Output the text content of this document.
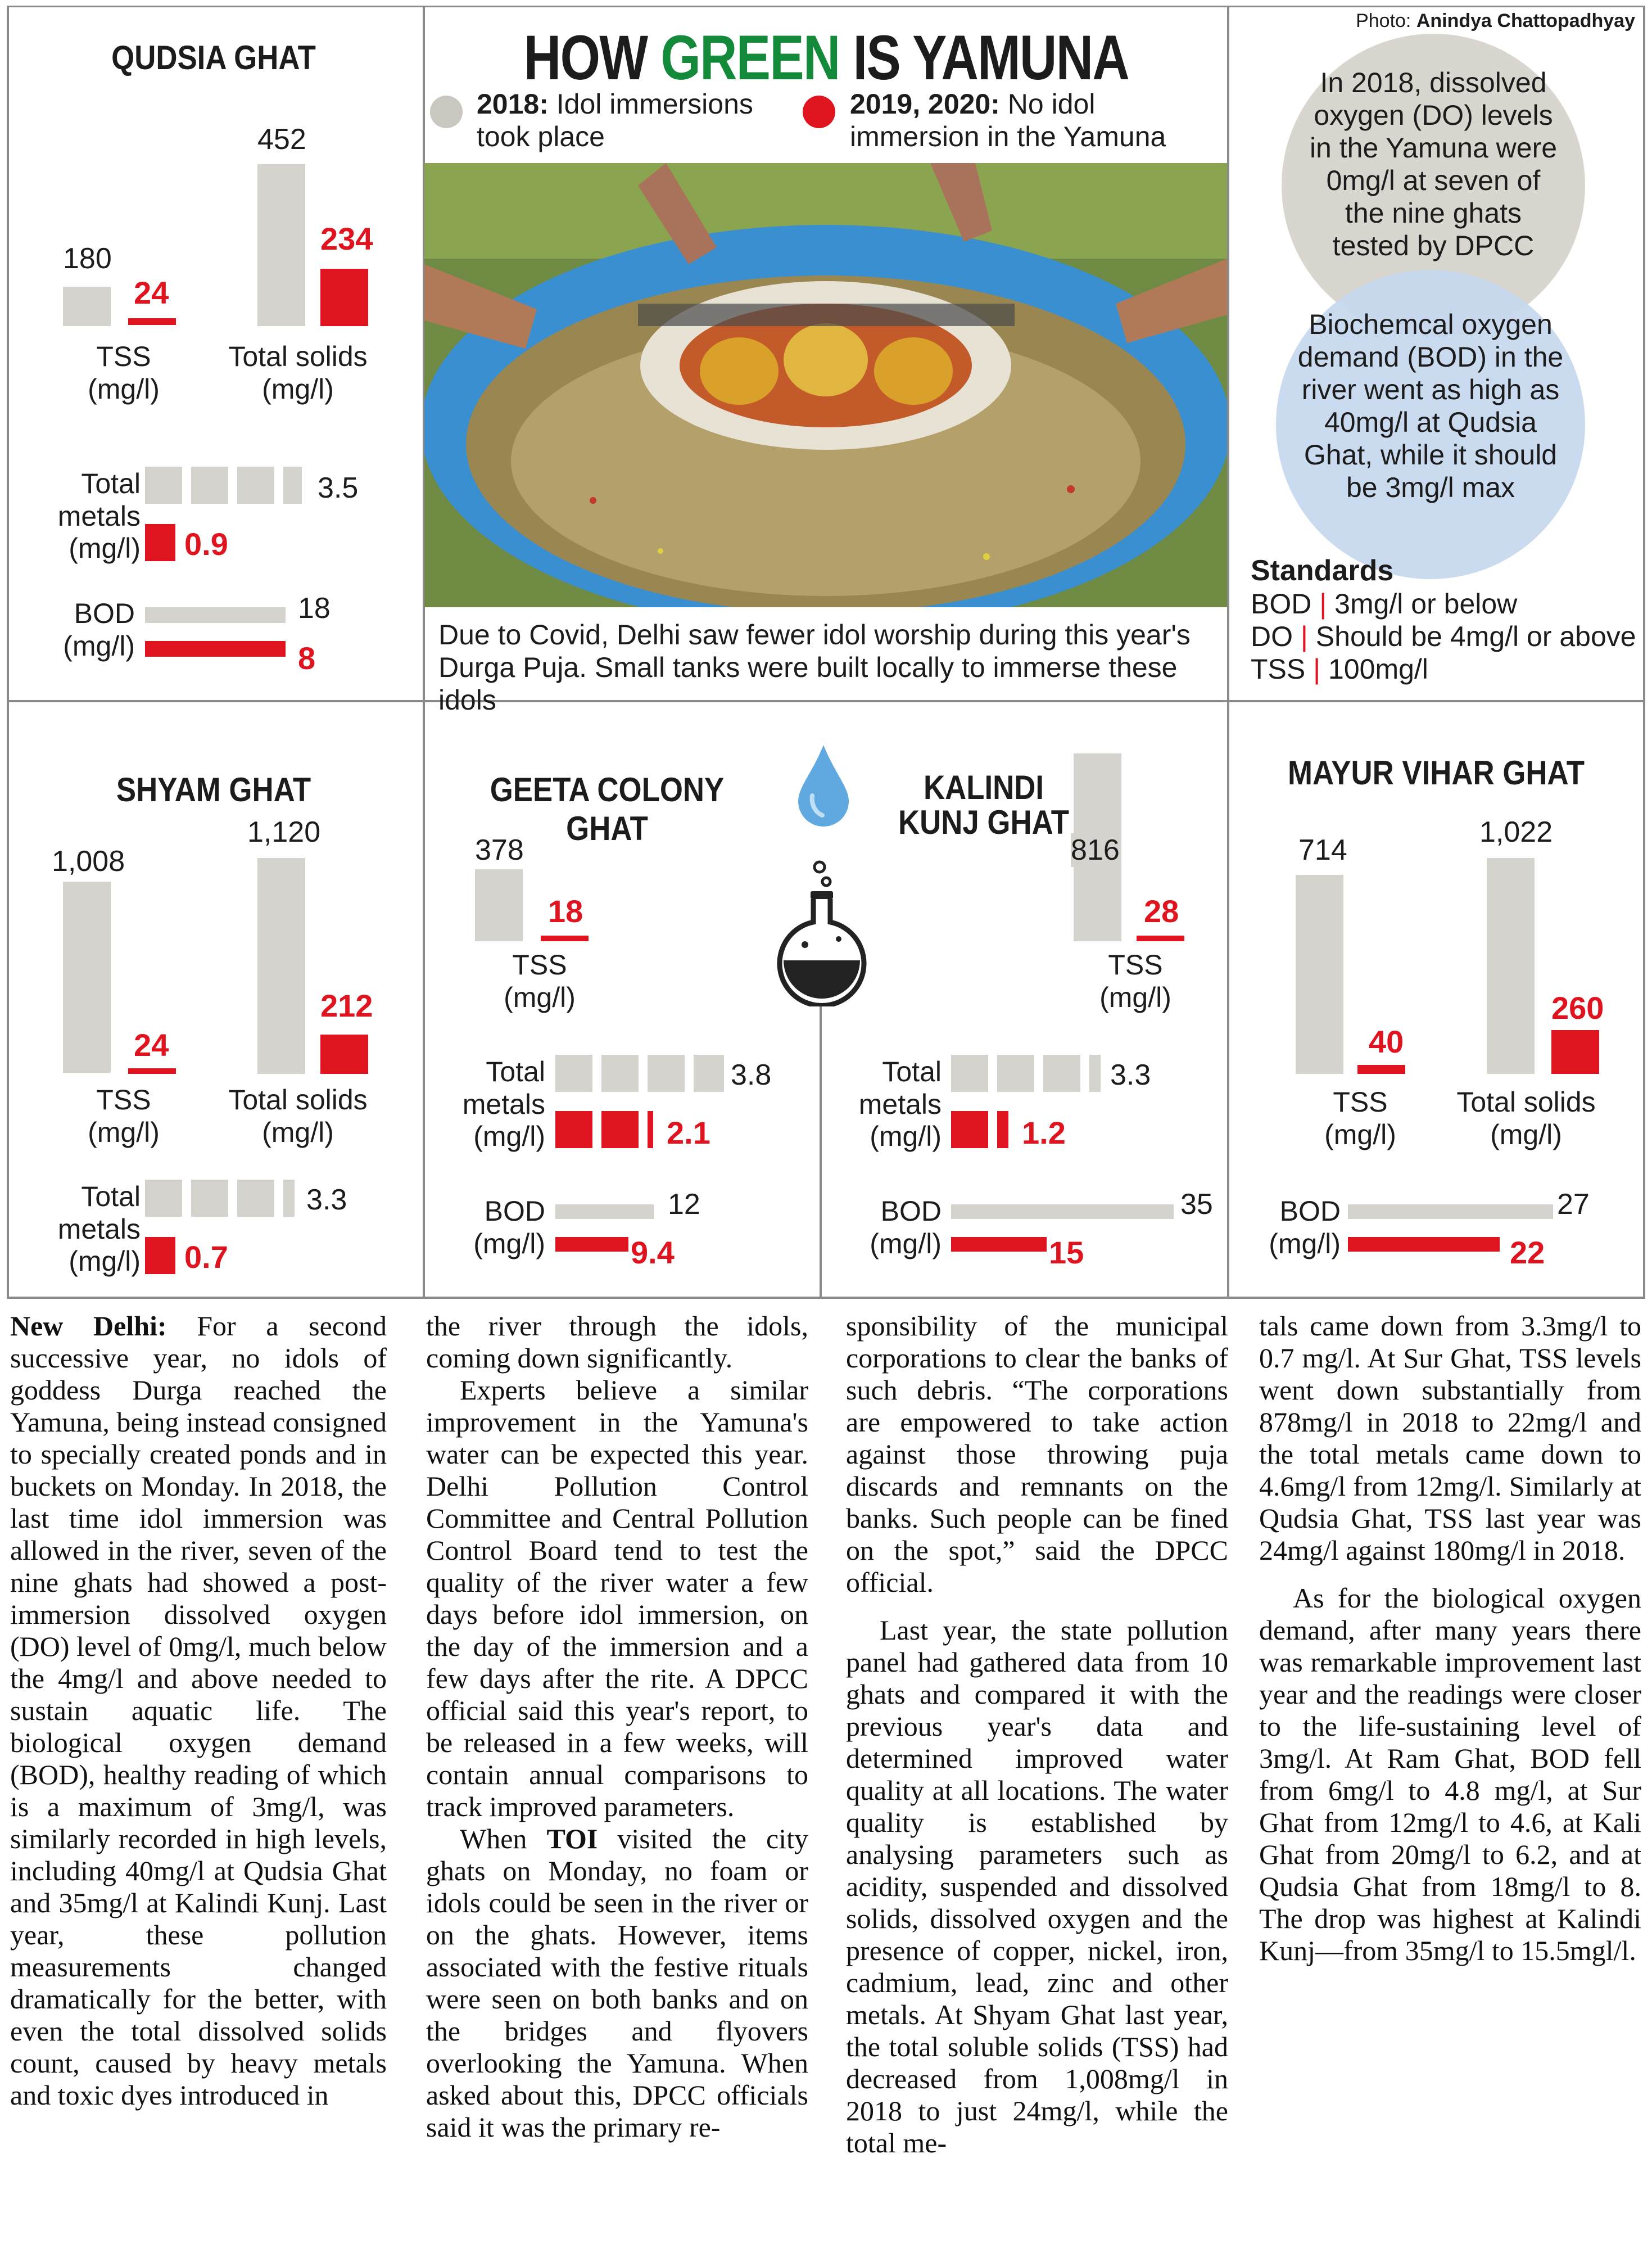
Photo: Anindya Chattopadhyay
HOW GREEN IS YAMUNA
2018: Idol immersions took place
2019, 2020: No idol immersion in the Yamuna
Due to Covid, Delhi saw fewer idol worship during this year's Durga Puja. Small tanks were built locally to immerse these idols
In 2018, dissolved oxygen (DO) levels in the Yamuna were 0mg/l at seven of the nine ghats tested by DPCC
Biochemcal oxygen demand (BOD) in the river went as high as 40mg/l at Qudsia Ghat, while it should be 3mg/l max
Standards
BOD | 3mg/l or below
DO | Should be 4mg/l or above
TSS | 100mg/l
QUDSIA GHAT
180
24
TSS
(mg/l)
452
234
Total solids
(mg/l)
Total
metals
(mg/l)
3.5
0.9
BOD
(mg/l)
18
8
SHYAM GHAT
1,008
24
TSS
(mg/l)
1,120
212
Total solids
(mg/l)
Total
metals
(mg/l)
3.3
0.7
GEETA COLONY GHAT
378
18
TSS
(mg/l)
Total
metals
(mg/l)
3.8
2.1
BOD
(mg/l)
12
9.4
KALINDI
KUNJ GHAT
816
28
TSS
(mg/l)
Total
metals
(mg/l)
3.3
1.2
BOD
(mg/l)
35
15
MAYUR VIHAR GHAT
714
40
TSS
(mg/l)
1,022
260
Total solids
(mg/l)
BOD
(mg/l)
27
22

New Delhi: For a second successive year, no idols of goddess Durga reached the Yamuna, being instead consigned to specially created ponds and in buckets on Monday. In 2018, the last time idol immersion was allowed in the river, seven of the nine ghats had showed a post-immersion dissolved oxygen (DO) level of 0mg/l, much below the 4mg/l and above needed to sustain aquatic life. The biological oxygen demand (BOD), healthy reading of which is a maximum of 3mg/l, was similarly recorded in high levels, including 40mg/l at Qudsia Ghat and 35mg/l at Kalindi Kunj. Last year, these pollution measurements changed dramatically for the better, with even the total dissolved solids count, caused by heavy metals and toxic dyes introduced in

the river through the idols, coming down significantly.

Experts believe a similar improvement in the Yamuna's water can be expected this year. Delhi Pollution Control Committee and Central Pollution Control Board tend to test the quality of the river water a few days before idol immersion, on the day of the immersion and a few days after the rite. A DPCC official said this year's report, to be released in a few weeks, will contain annual comparisons to track improved parameters.

When TOI visited the city ghats on Monday, no foam or idols could be seen in the river or on the ghats. However, items associated with the festive rituals were seen on both banks and on the bridges and flyovers overlooking the Yamuna. When asked about this, DPCC officials said it was the primary re-

sponsibility of the municipal corporations to clear the banks of such debris. “The corporations are empowered to take action against those throwing puja discards and remnants on the banks. Such people can be fined on the spot,” said the DPCC official.

Last year, the state pollution panel had gathered data from 10 ghats and compared it with the previous year's data and determined improved water quality at all locations. The water quality is established by analysing parameters such as acidity, suspended and dissolved solids, dissolved oxygen and the presence of copper, nickel, iron, cadmium, lead, zinc and other metals. At Shyam Ghat last year, the total soluble solids (TSS) had decreased from 1,008mg/l in 2018 to just 24mg/l, while the total me-

tals came down from 3.3mg/l to 0.7 mg/l. At Sur Ghat, TSS levels went down substantially from 878mg/l in 2018 to 22mg/l and the total metals came down to 4.6mg/l from 12mg/l. Similarly at Qudsia Ghat, TSS last year was 24mg/l against 180mg/l in 2018.

As for the biological oxygen demand, after many years there was remarkable improvement last year and the readings were closer to the life-sustaining level of 3mg/l. At Ram Ghat, BOD fell from 6mg/l to 4.8 mg/l, at Sur Ghat from 12mg/l to 4.6, at Kali Ghat from 20mg/l to 6.2, and at Qudsia Ghat from 18mg/l to 8. The drop was highest at Kalindi Kunj—from 35mg/l to 15.5mgl/l.
